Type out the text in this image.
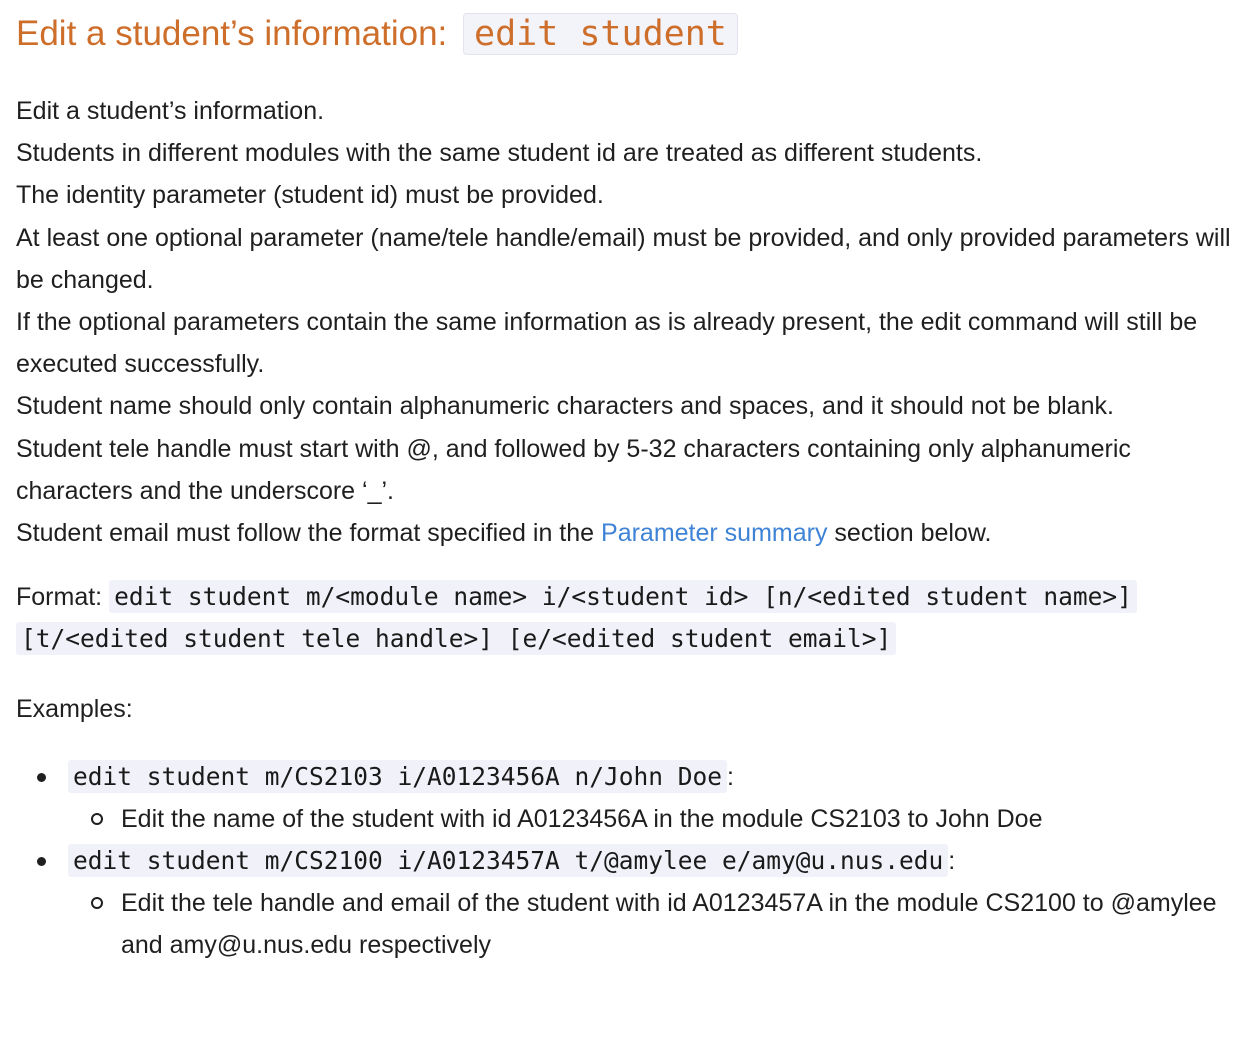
Edit a student’s information: edit student
Edit a student’s information.
Students in different modules with the same student id are treated as different students.
The identity parameter (student id) must be provided.
At least one optional parameter (name/tele handle/email) must be provided, and only provided parameters will be changed.
If the optional parameters contain the same information as is already present, the edit command will still be executed successfully.
Student name should only contain alphanumeric characters and spaces, and it should not be blank.
Student tele handle must start with @, and followed by 5-32 characters containing only alphanumeric characters and the underscore ‘_’.
Student email must follow the format specified in the Parameter summary section below.
Format: edit student m/<module name> i/<student id> [n/<edited student name>] [t/<edited student tele handle>] [e/<edited student email>]
Examples:
edit student m/CS2103 i/A0123456A n/John Doe :
Edit the name of the student with id A0123456A in the module CS2103 to John Doe
edit student m/CS2100 i/A0123457A t/@amylee e/amy@u.nus.edu :
Edit the tele handle and email of the student with id A0123457A in the module CS2100 to @amylee and amy@u.nus.edu respectively
